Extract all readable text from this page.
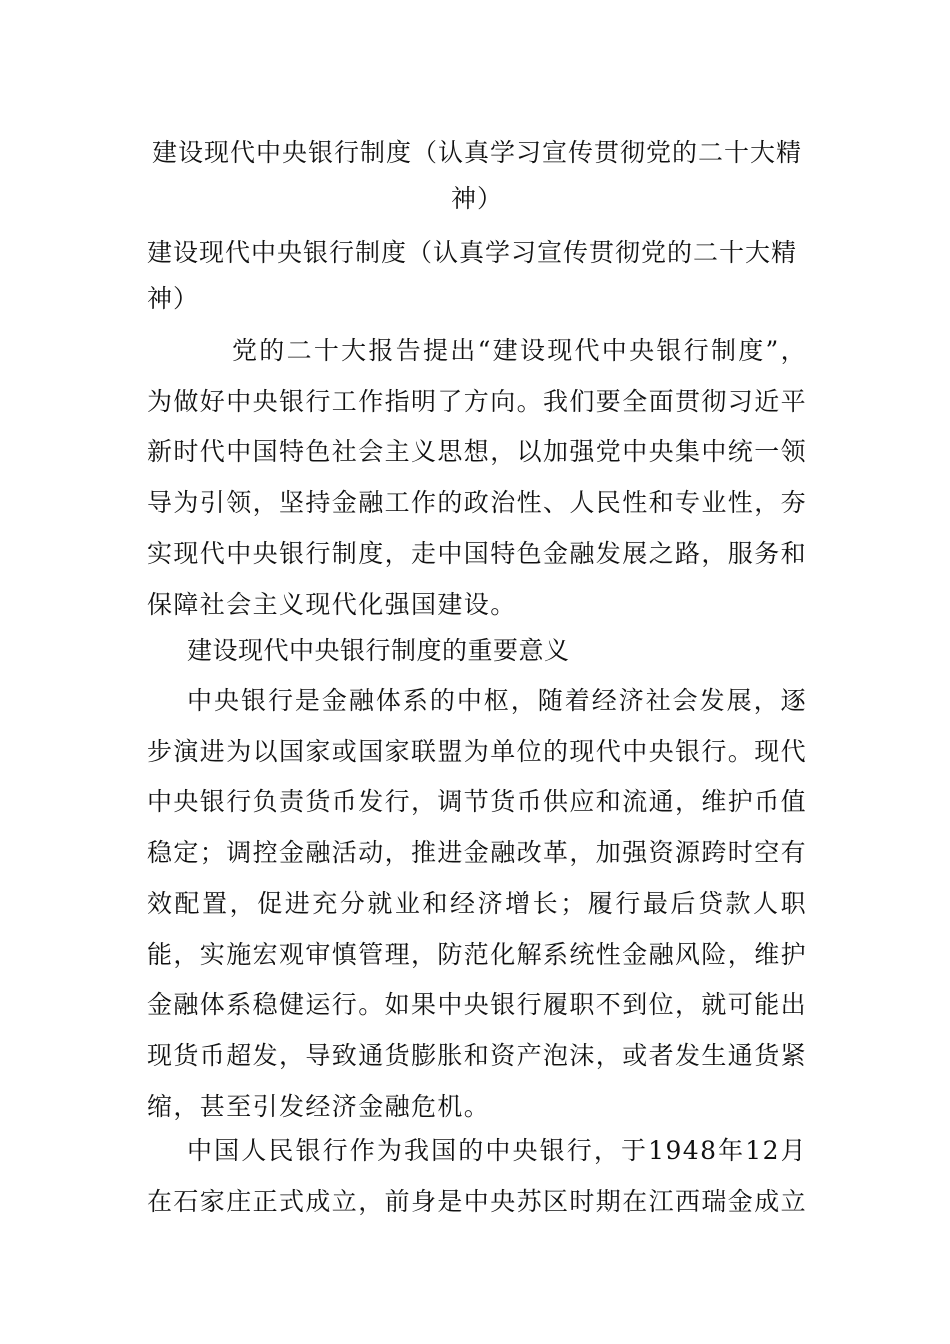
建设现代中央银行制度（认真学习宣传贯彻党的二十大精神）
建设现代中央银行制度（认真学习宣传贯彻党的二十大精神）

党的二十大报告提出“建设现代中央银行制度”，为做好中央银行工作指明了方向。我们要全面贯彻习近平新时代中国特色社会主义思想，以加强党中央集中统一领导为引领，坚持金融工作的政治性、人民性和专业性，夯实现代中央银行制度，走中国特色金融发展之路，服务和保障社会主义现代化强国建设。

建设现代中央银行制度的重要意义

中央银行是金融体系的中枢，随着经济社会发展，逐步演进为以国家或国家联盟为单位的现代中央银行。现代中央银行负责货币发行，调节货币供应和流通，维护币值稳定；调控金融活动，推进金融改革，加强资源跨时空有效配置，促进充分就业和经济增长；履行最后贷款人职能，实施宏观审慎管理，防范化解系统性金融风险，维护金融体系稳健运行。如果中央银行履职不到位，就可能出现货币超发，导致通货膨胀和资产泡沫，或者发生通货紧缩，甚至引发经济金融危机。

中国人民银行作为我国的中央银行，于1948年12月在石家庄正式成立，前身是中央苏区时期在江西瑞金成立
